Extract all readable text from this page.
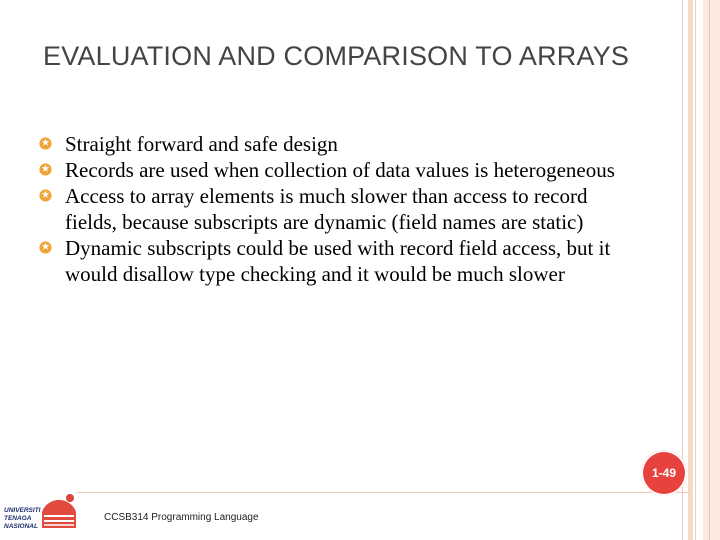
EVALUATION AND COMPARISON TO ARRAYS
Straight forward and safe design
Records are used when collection of data values is heterogeneous
Access to array elements is much slower than access to record fields, because subscripts are dynamic (field names are static)
Dynamic subscripts could be used with record field access, but it would disallow type checking and it would be much slower
1-49
UNIVERSITI
TENAGA
NASIONAL
CCSB314 Programming Language
